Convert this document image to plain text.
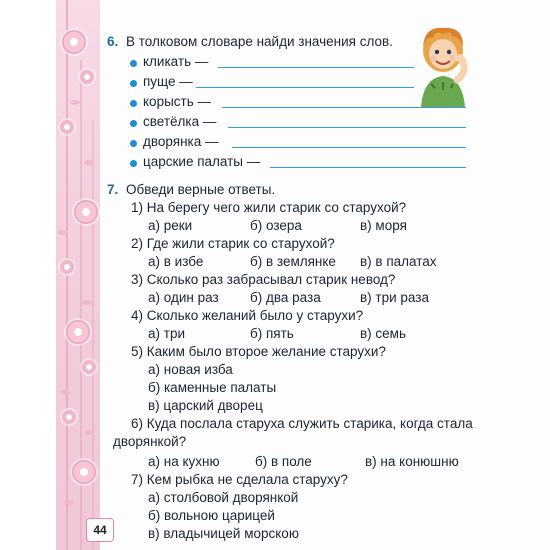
44
6. В толковом словаре найди значения слов.
кликать —
пуще —
корысть —
светёлка —
дворянка —
царские палаты —
7. Обведи верные ответы.
1) На берегу чего жили старик со старухой?
а) реки	б) озера	в) моря
2) Где жили старик со старухой?
а) в избе	б) в землянке в) в палатах
3) Сколько раз забрасывал старик невод?
а) один раз б) два раза	в) три раза
4) Сколько желаний было у старухи?
а) три	б) пять	в) семь
5) Каким было второе желание старухи?
а) новая изба
б) каменные палаты
в) царский дворец
6) Куда послала старуха служить старика, когда стала
дворянкой?
а) на кухню	б) в поле	в) на конюшню
7) Кем рыбка не сделала старуху?
а) столбовой дворянкой
б) вольною царицей
в) владычицей морскою
